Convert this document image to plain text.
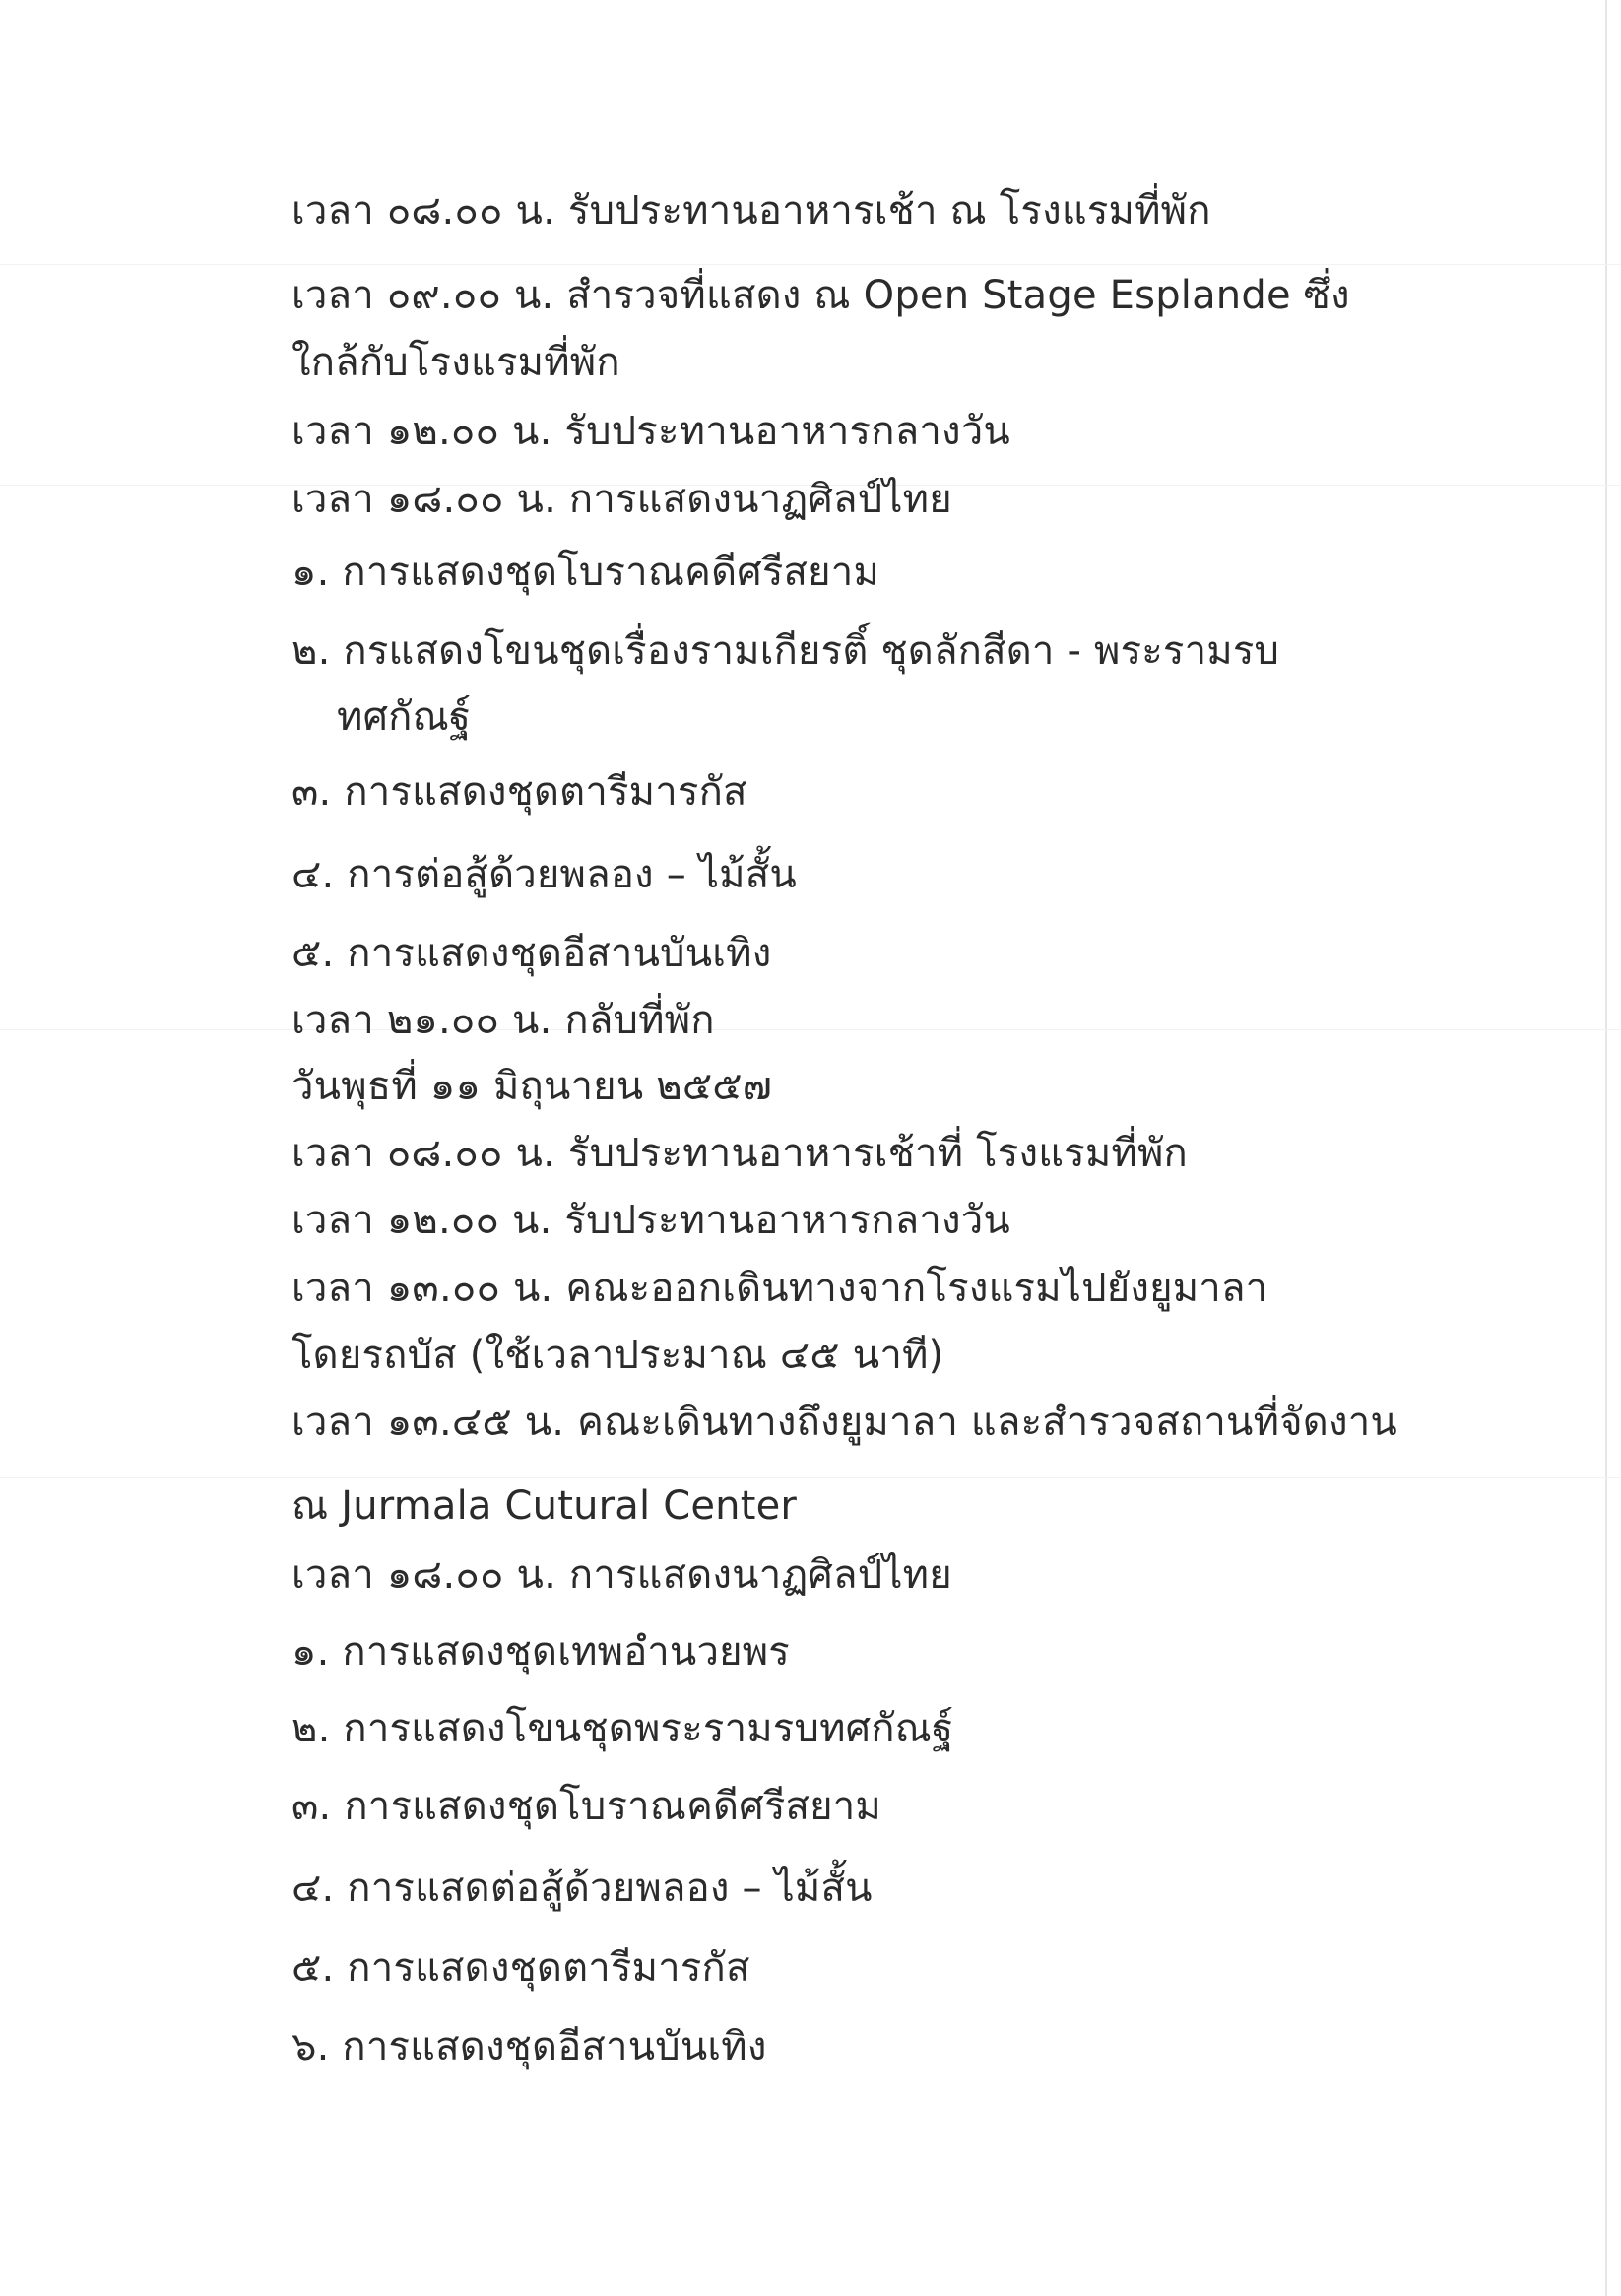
เวลา ๐๘.๐๐ น. รับประทานอาหารเช้า ณ โรงแรมที่พัก
เวลา ๐๙.๐๐ น. สำรวจที่แสดง ณ Open Stage Esplande ซึ่ง
ใกล้กับโรงแรมที่พัก
เวลา ๑๒.๐๐ น. รับประทานอาหารกลางวัน
เวลา ๑๘.๐๐ น. การแสดงนาฏศิลป์ไทย
๑. การแสดงชุดโบราณคดีศรีสยาม
๒. กรแสดงโขนชุดเรื่องรามเกียรติ์ ชุดลักสีดา - พระรามรบ
ทศกัณฐ์
๓. การแสดงชุดตารีมารกัส
๔. การต่อสู้ด้วยพลอง – ไม้สั้น
๕. การแสดงชุดอีสานบันเทิง
เวลา ๒๑.๐๐ น. กลับที่พัก
วันพุธที่ ๑๑ มิถุนายน ๒๕๕๗
เวลา ๐๘.๐๐ น. รับประทานอาหารเช้าที่ โรงแรมที่พัก
เวลา ๑๒.๐๐ น. รับประทานอาหารกลางวัน
เวลา ๑๓.๐๐ น. คณะออกเดินทางจากโรงแรมไปยังยูมาลา
โดยรถบัส (ใช้เวลาประมาณ ๔๕ นาที)
เวลา ๑๓.๔๕ น. คณะเดินทางถึงยูมาลา และสำรวจสถานที่จัดงาน
ณ Jurmala Cutural Center
เวลา ๑๘.๐๐ น. การแสดงนาฏศิลป์ไทย
๑. การแสดงชุดเทพอำนวยพร
๒. การแสดงโขนชุดพระรามรบทศกัณฐ์
๓. การแสดงชุดโบราณคดีศรีสยาม
๔. การแสดต่อสู้ด้วยพลอง – ไม้สั้น
๕. การแสดงชุดตารีมารกัส
๖. การแสดงชุดอีสานบันเทิง
